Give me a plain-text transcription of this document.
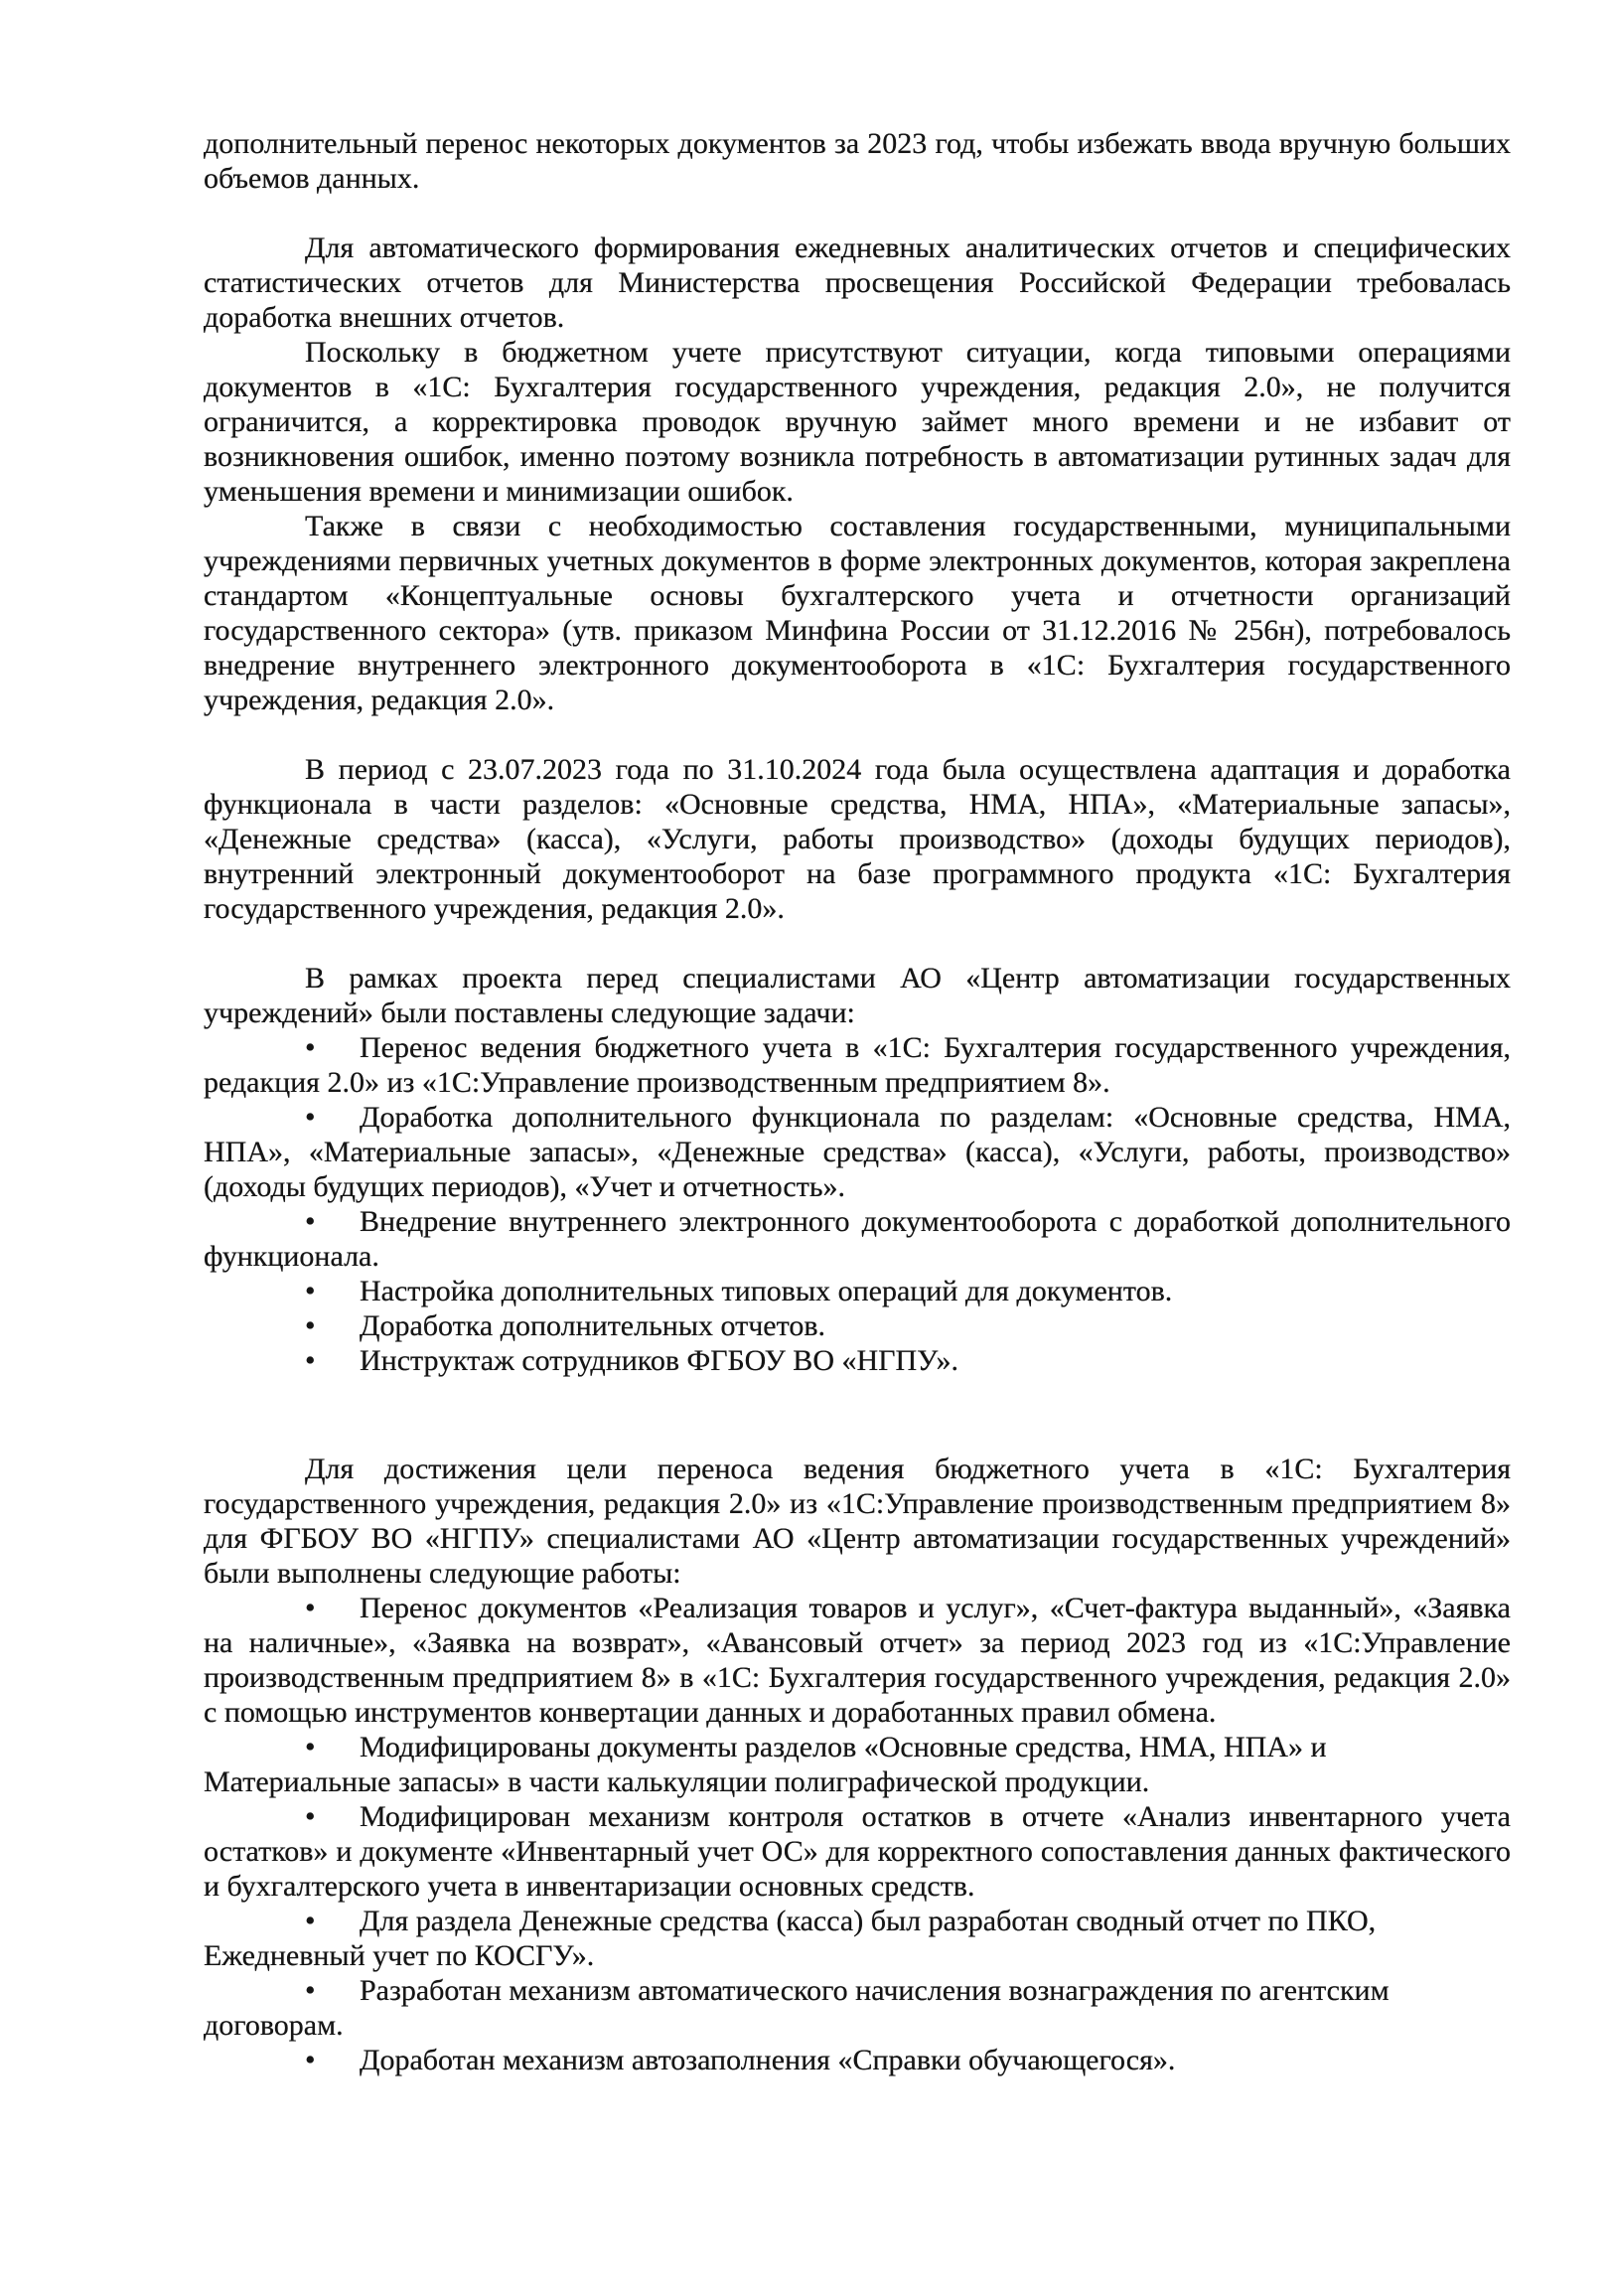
дополнительный перенос некоторых документов за 2023 год, чтобы избежать ввода вручную больших объемов данных.

Для автоматического формирования ежедневных аналитических отчетов и специфических статистических отчетов для Министерства просвещения Российской Федерации требовалась доработка внешних отчетов.

Поскольку в бюджетном учете присутствуют ситуации, когда типовыми операциями документов в «1С: Бухгалтерия государственного учреждения, редакция 2.0», не получится ограничится, а корректировка проводок вручную займет много времени и не избавит от возникновения ошибок, именно поэтому возникла потребность в автоматизации рутинных задач для уменьшения времени и минимизации ошибок.

Также в связи с необходимостью составления государственными, муниципальными учреждениями первичных учетных документов в форме электронных документов, которая закреплена стандартом «Концептуальные основы бухгалтерского учета и отчетности организаций государственного сектора» (утв. приказом Минфина России от 31.12.2016 № 256н), потребовалось внедрение внутреннего электронного документооборота в «1С: Бухгалтерия государственного учреждения, редакция 2.0».

В период с 23.07.2023 года по 31.10.2024 года была осуществлена адаптация и доработка функционала в части разделов: «Основные средства, НМА, НПА», «Материальные запасы», «Денежные средства» (касса), «Услуги, работы производство» (доходы будущих периодов), внутренний электронный документооборот на базе программного продукта «1С: Бухгалтерия государственного учреждения, редакция 2.0».

В рамках проекта перед специалистами АО «Центр автоматизации государственных учреждений» были поставлены следующие задачи:

• Перенос ведения бюджетного учета в «1С: Бухгалтерия государственного учреждения, редакция 2.0» из «1С:Управление производственным предприятием 8».

• Доработка дополнительного функционала по разделам: «Основные средства, НМА, НПА», «Материальные запасы», «Денежные средства» (касса), «Услуги, работы, производство» (доходы будущих периодов), «Учет и отчетность».

• Внедрение внутреннего электронного документооборота с доработкой дополнительного функционала.

• Настройка дополнительных типовых операций для документов.

• Доработка дополнительных отчетов.

• Инструктаж сотрудников ФГБОУ ВО «НГПУ».

Для достижения цели переноса ведения бюджетного учета в «1С: Бухгалтерия государственного учреждения, редакция 2.0» из «1С:Управление производственным предприятием 8» для ФГБОУ ВО «НГПУ» специалистами АО «Центр автоматизации государственных учреждений» были выполнены следующие работы:

• Перенос документов «Реализация товаров и услуг», «Счет-фактура выданный», «Заявка на наличные», «Заявка на возврат», «Авансовый отчет» за период 2023 год из «1С:Управление производственным предприятием 8» в «1С: Бухгалтерия государственного учреждения, редакция 2.0» с помощью инструментов конвертации данных и доработанных правил обмена.

• Модифицированы документы разделов «Основные средства, НМА, НПА» и Материальные запасы» в части калькуляции полиграфической продукции.

• Модифицирован механизм контроля остатков в отчете «Анализ инвентарного учета остатков» и документе «Инвентарный учет ОС» для корректного сопоставления данных фактического и бухгалтерского учета в инвентаризации основных средств.

• Для раздела Денежные средства (касса) был разработан сводный отчет по ПКО, Ежедневный учет по КОСГУ».

• Разработан механизм автоматического начисления вознаграждения по агентским договорам.

• Доработан механизм автозаполнения «Справки обучающегося».
